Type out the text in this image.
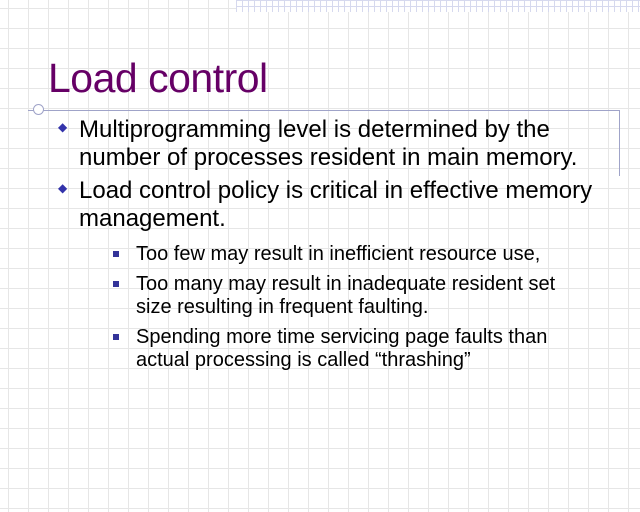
Load control
◆ Multiprogramming level is determined by the number of processes resident in main memory.
◆ Load control policy is critical in effective memory management.
Too few may result in inefficient resource use,
Too many may result in inadequate resident set size resulting in frequent faulting.
Spending more time servicing page faults than actual processing is called “thrashing”
